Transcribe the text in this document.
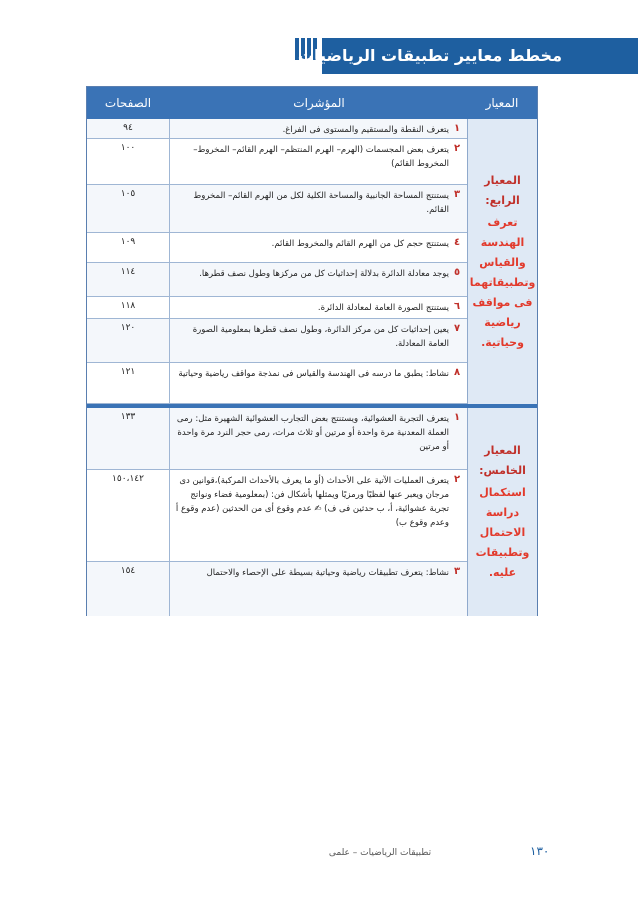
مخطط معايير تطبيقات الرياضيات
المعيار
المؤشرات
الصفحات
المعيار الرابع:
تعرف الهندسة والقياس وتطبيقاتهما فى مواقف رياضية وحياتية.
المعيار الخامس:
استكمال دراسة الاحتمال وتطبيقات عليه.
١
يتعرف النقطة والمستقيم والمستوى فى الفراغ.
٩٤
٢
يتعرف بعض المجسمات (الهرم– الهرم المنتظم– الهرم القائم– المخروط– المخروط القائم)
١٠٠
٣
يستنتج المساحة الجانبية والمساحة الكلية لكل من الهرم القائم– المخروط القائم.
١٠٥
٤
يستنتج حجم كل من الهرم القائم والمخروط القائم.
١٠٩
٥
يوجد معادلة الدائرة بدلالة إحداثيات كل من مركزها وطول نصف قطرها.
١١٤
٦
يستنتج الصورة العامة لمعادلة الدائرة.
١١٨
٧
يعين إحداثيات كل من مركز الدائرة، وطول نصف قطرها بمعلومية الصورة العامة المعادلة.
١٢٠
٨
نشاط: يطبق ما درسه فى الهندسة والقياس فى نمذجة مواقف رياضية وحياتية
١٢١
١
يتعرف التجربة العشوائية، ويستنتج بعض التجارب العشوائية الشهيرة مثل: رمى العملة المعدنية مرة واحدة أو مرتين أو ثلاث مرات، رمى حجر النرد مرة واحدة أو مرتين
١٣٣
٢
يتعرف العمليات الآتية على الأحداث (أو ما يعرف بالأحداث المركبة)،قوانين دى مرجان ويعبر عنها لفظيًا ورمزيًا ويمثلها بأشكال فن: (بمعلومية فضاء ونواتج تجربة عشوائية، أ، ب حدثين فى ف) ✍ عدم وقوع أى من الحدثين (عدم وقوع أ وعدم وقوع ب)
١٥٠،١٤٢
٣
نشاط: يتعرف تطبيقات رياضية وحياتية بسيطة على الإحصاء والاحتمال
١٥٤
تطبيقات الرياضيات – علمى	١٣٠
